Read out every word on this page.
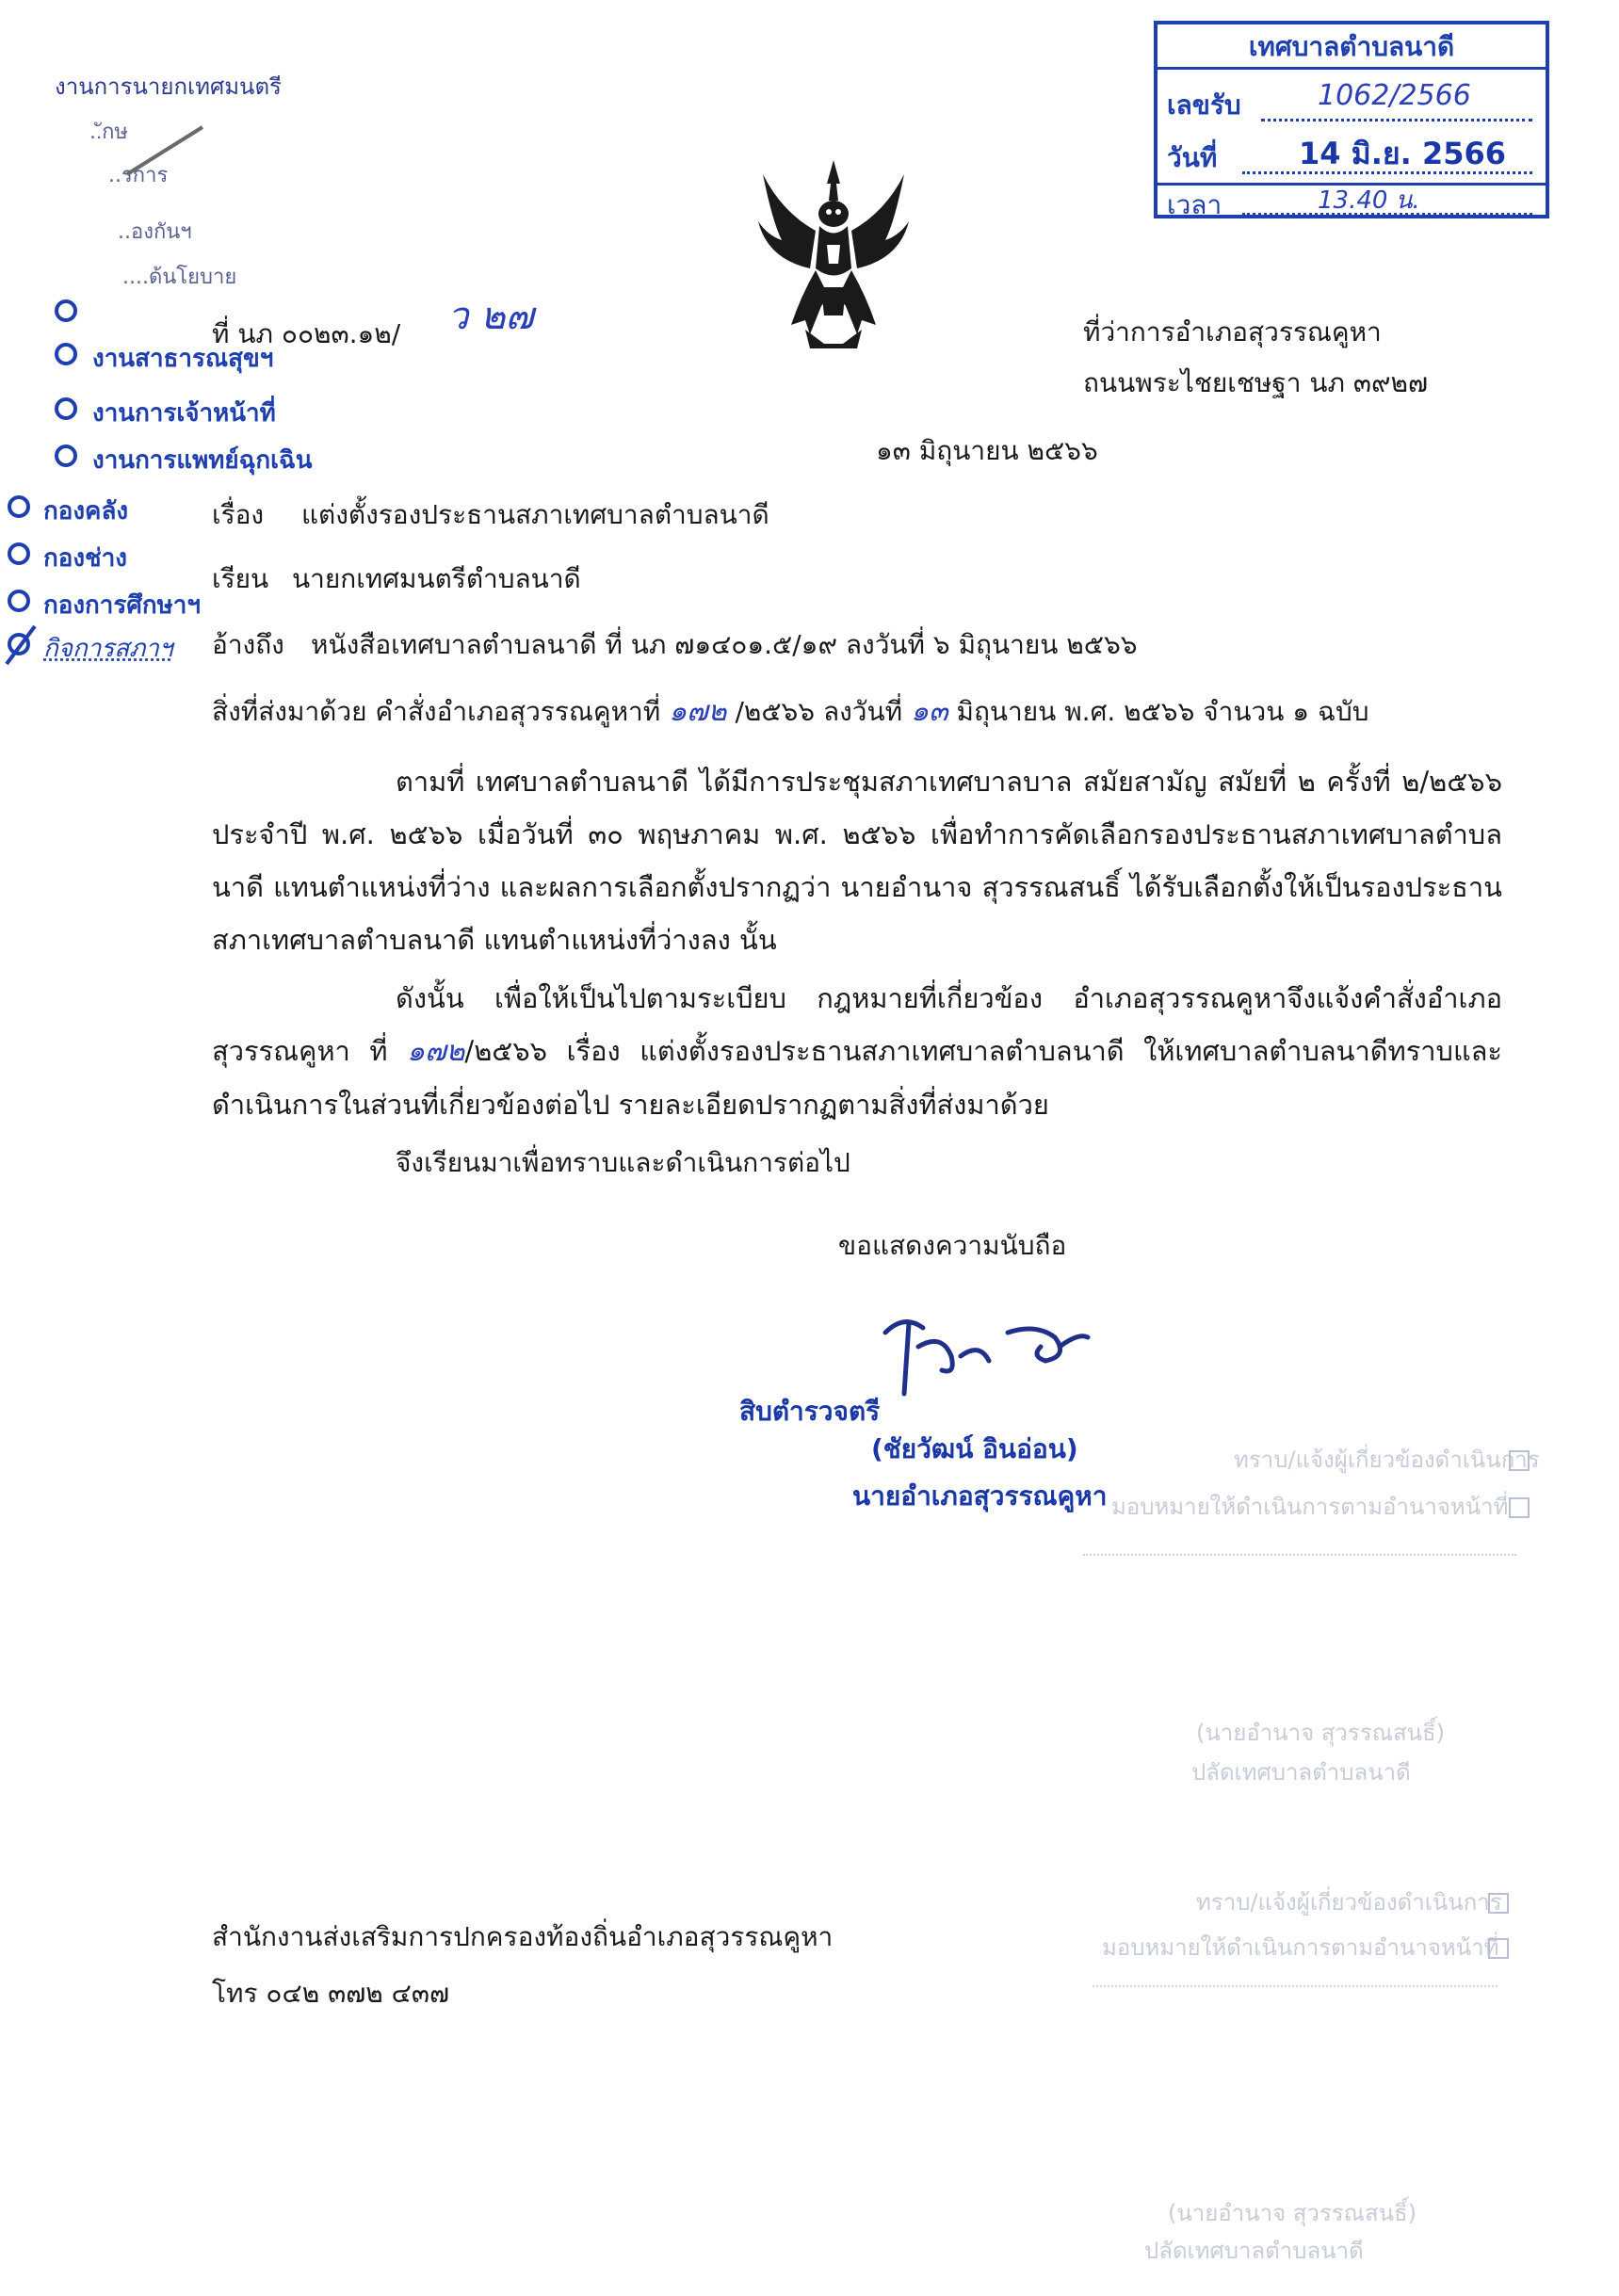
งานการนายกเทศมนตรี
..ักษ
..รการ
..องกันฯ
....ด้นโยบาย
งานสาธารณสุขฯ
งานการเจ้าหน้าที่
งานการแพทย์ฉุกเฉิน
กองคลัง
กองช่าง
กองการศึกษาฯ
กิจการสภาฯ
เทศบาลตำบลนาดี
เลขรับ	1062/2566
วันที่	14 มิ.ย. 2566
เวลา	13.40 น.
ที่ นภ ๐๐๒๓.๑๒/ ว ๒๗	ที่ว่าการอำเภอสุวรรณคูหา
ถนนพระไชยเชษฐา นภ ๓๙๒๗
๑๓ มิถุนายน ๒๕๖๖
เรื่อง แต่งตั้งรองประธานสภาเทศบาลตำบลนาดี
เรียน นายกเทศมนตรีตำบลนาดี
อ้างถึง หนังสือเทศบาลตำบลนาดี ที่ นภ ๗๑๔๐๑.๕/๑๙ ลงวันที่ ๖ มิถุนายน ๒๕๖๖
สิ่งที่ส่งมาด้วย คำสั่งอำเภอสุวรรณคูหาที่ ๑๗๒ /๒๕๖๖ ลงวันที่ ๑๓ มิถุนายน พ.ศ. ๒๕๖๖ จำนวน ๑ ฉบับ
ตามที่ เทศบาลตำบลนาดี ได้มีการประชุมสภาเทศบาลบาล สมัยสามัญ สมัยที่ ๒ ครั้งที่ ๒/๒๕๖๖ ประจำปี พ.ศ. ๒๕๖๖ เมื่อวันที่ ๓๐ พฤษภาคม พ.ศ. ๒๕๖๖ เพื่อทำการคัดเลือกรองประธานสภาเทศบาลตำบลนาดี แทนตำแหน่งที่ว่าง และผลการเลือกตั้งปรากฏว่า นายอำนาจ สุวรรณสนธิ์ ได้รับเลือกตั้งให้เป็นรองประธานสภาเทศบาลตำบลนาดี แทนตำแหน่งที่ว่างลง นั้น
ดังนั้น เพื่อให้เป็นไปตามระเบียบ กฎหมายที่เกี่ยวข้อง อำเภอสุวรรณคูหาจึงแจ้งคำสั่งอำเภอสุวรรณคูหา ที่ ๑๗๒/๒๕๖๖ เรื่อง แต่งตั้งรองประธานสภาเทศบาลตำบลนาดี ให้เทศบาลตำบลนาดีทราบและดำเนินการในส่วนที่เกี่ยวข้องต่อไป รายละเอียดปรากฏตามสิ่งที่ส่งมาด้วย
จึงเรียนมาเพื่อทราบและดำเนินการต่อไป
ขอแสดงความนับถือ
สิบตำรวจตรี
(ชัยวัฒน์ อินอ่อน)
นายอำเภอสุวรรณคูหา
ทราบ/แจ้งผู้เกี่ยวข้องดำเนินการ
มอบหมายให้ดำเนินการตามอำนาจหน้าที่
(นายอำนาจ สุวรรณสนธิ์)
ปลัดเทศบาลตำบลนาดี
ทราบ/แจ้งผู้เกี่ยวข้องดำเนินการ
มอบหมายให้ดำเนินการตามอำนาจหน้าที่
(นายอำนาจ สุวรรณสนธิ์)
ปลัดเทศบาลตำบลนาดี
สำนักงานส่งเสริมการปกครองท้องถิ่นอำเภอสุวรรณคูหา
โทร ๐๔๒ ๓๗๒ ๔๓๗
